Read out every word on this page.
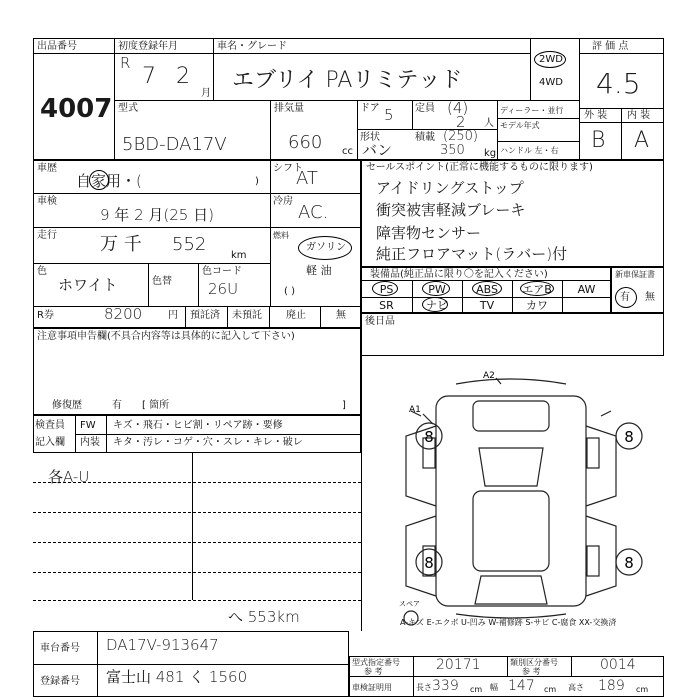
出品番号
4007
初度登録年月
R
7 2
月
車名・グレード
エブリイ PAリミテッド
2WD
4WD
評 価 点
4.5
型式
5BD-DA17V
排気量
660 cc
ドア 5 定員 (4)
2 人
形状
バン
積載 (250)
350 kg
ディーラー・並行
モデル年式
ハンドル 左・右
外 装 内 装
B A
車歴
自家用・(	)
車検
9 年 2 月(25 日)
走行 万 千 552
km
色
ホワイト	色替
色コード
26U
シフト
AT
冷房
AC.
燃料
ガソリン
軽 油
( )
R券	8200	円 預託済 未預託 廃止	無
セールスポイント(正常に機能するものに限ります)
アイドリングストップ
衝突被害軽減ブレーキ
障害物センサー
純正フロアマット(ラバー)付
装備品(純正品に限り〇を記入ください)
PS	PW	ABS	エアB	AW
SR	ナビ	TV	カワ
新車保証書
有 無
後日品
注意事項申告欄(不具合内容等は具体的に記入して下さい)
修復歴	有 [ 箇所	]
検査員
記入欄
FW
内装
キズ・飛石・ヒビ割・リペア跡・要修
キタ・汚レ・コゲ・穴・スレ・キレ・破レ
各A-U
へ 553km
8	8
8	8
A2
A1
スペア
A-キズ E-エクボ U-凹み W-補修跡 S-サビ C-腐食 XX-交換済
車台番号 DA17V-913647
登録番号 富士山 481 く 1560
型式指定番号
参 考	20171	類別区分番号
参 考	0014
車検証明用	長さ 339 cm 幅 147 cm 高さ 189 cm
